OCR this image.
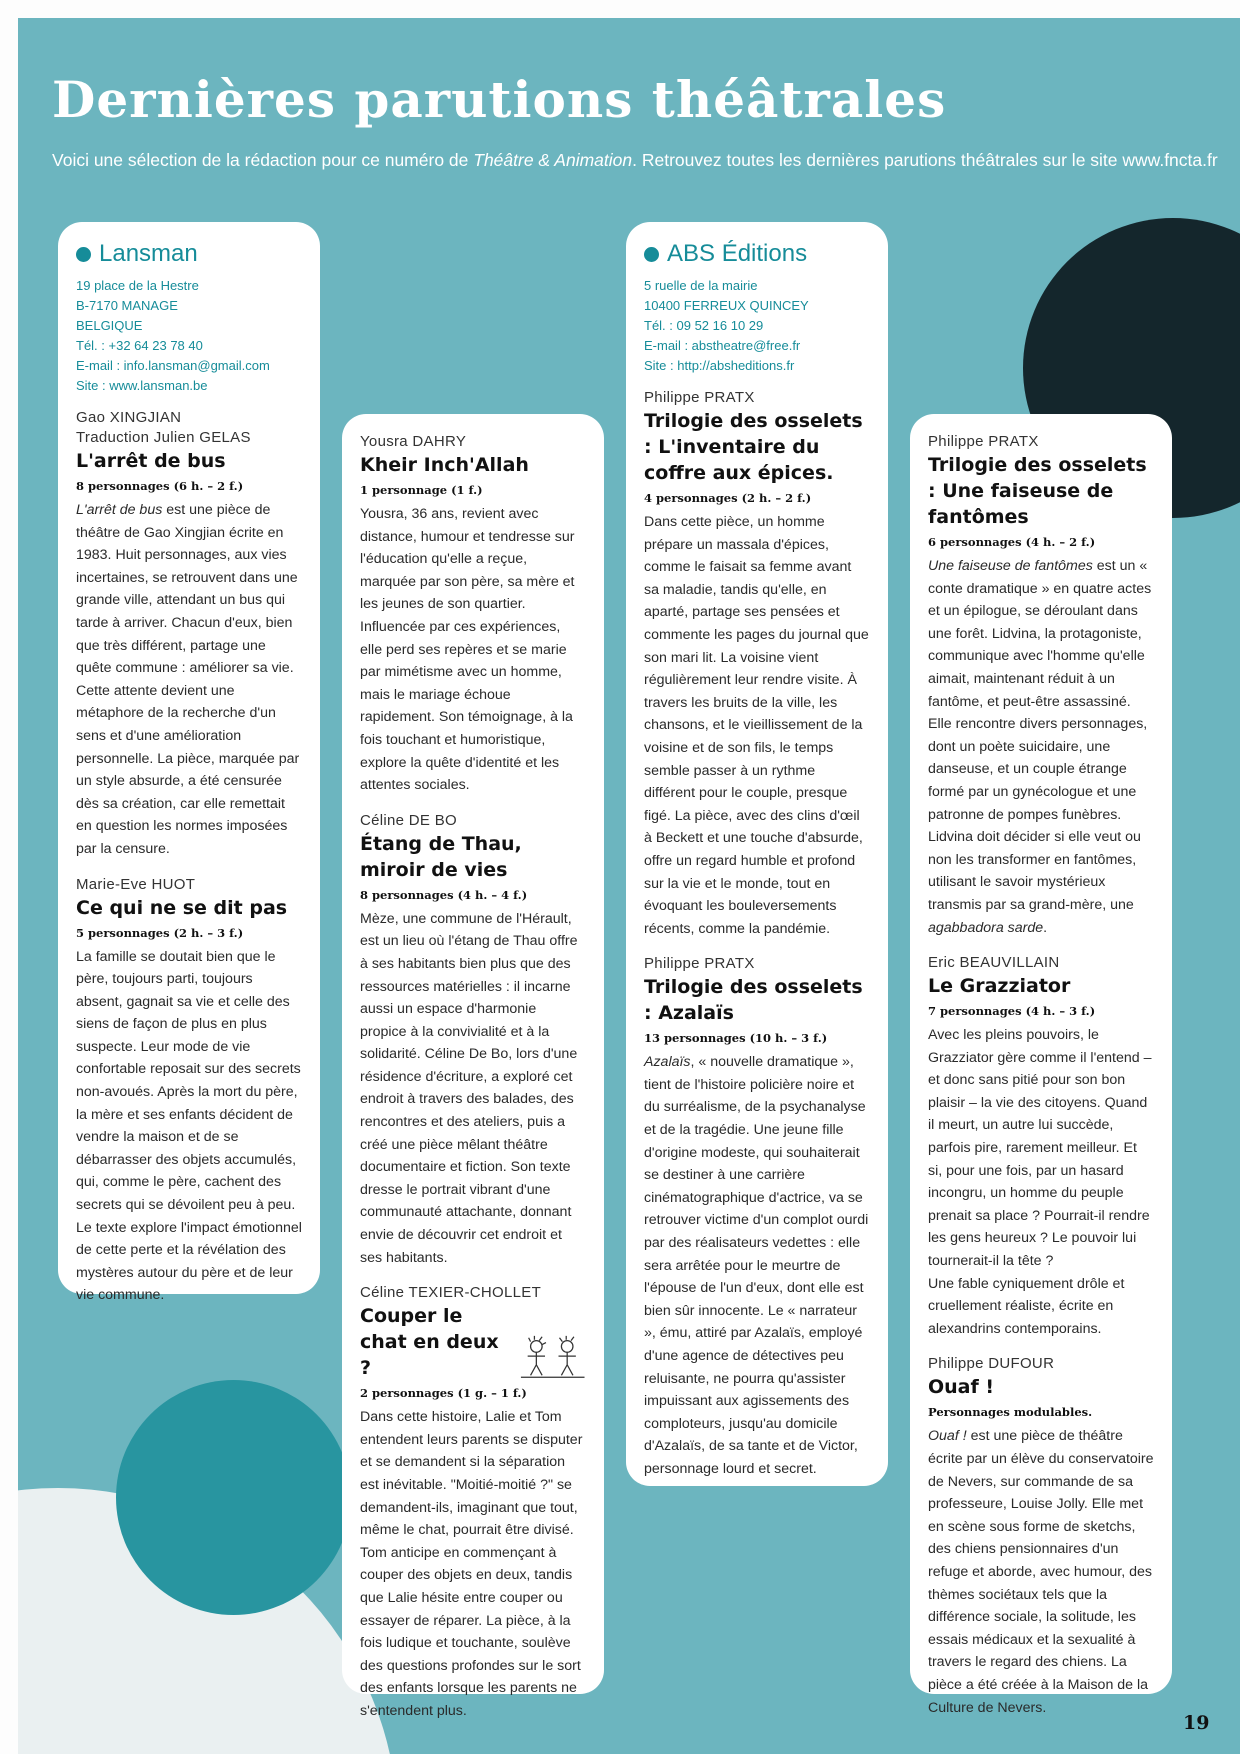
Dernières parutions théâtrales
Voici une sélection de la rédaction pour ce numéro de Théâtre & Animation. Retrouvez toutes les dernières parutions théâtrales sur le site www.fncta.fr
Lansman
19 place de la Hestre
B-7170 MANAGE
BELGIQUE
Tél. : +32 64 23 78 40
E-mail : info.lansman@gmail.com
Site : www.lansman.be
Gao XINGJIAN
Traduction Julien GELAS
L'arrêt de bus
8 personnages (6 h. – 2 f.)
L'arrêt de bus est une pièce de théâtre de Gao Xingjian écrite en 1983. Huit personnages, aux vies incertaines, se retrouvent dans une grande ville, attendant un bus qui tarde à arriver. Chacun d'eux, bien que très différent, partage une quête commune : améliorer sa vie. Cette attente devient une métaphore de la recherche d'un sens et d'une amélioration personnelle. La pièce, marquée par un style absurde, a été censurée dès sa création, car elle remettait en question les normes imposées par la censure.
Marie-Eve HUOT
Ce qui ne se dit pas
5 personnages (2 h. – 3 f.)
La famille se doutait bien que le père, toujours parti, toujours absent, gagnait sa vie et celle des siens de façon de plus en plus suspecte. Leur mode de vie confortable reposait sur des secrets non-avoués. Après la mort du père, la mère et ses enfants décident de vendre la maison et de se débarrasser des objets accumulés, qui, comme le père, cachent des secrets qui se dévoilent peu à peu. Le texte explore l'impact émotionnel de cette perte et la révélation des mystères autour du père et de leur vie commune.
Yousra DAHRY
Kheir Inch'Allah
1 personnage (1 f.)
Yousra, 36 ans, revient avec distance, humour et tendresse sur l'éducation qu'elle a reçue, marquée par son père, sa mère et les jeunes de son quartier. Influencée par ces expériences, elle perd ses repères et se marie par mimétisme avec un homme, mais le mariage échoue rapidement. Son témoignage, à la fois touchant et humoristique, explore la quête d'identité et les attentes sociales.
Céline DE BO
Étang de Thau, miroir de vies
8 personnages (4 h. – 4 f.)
Mèze, une commune de l'Hérault, est un lieu où l'étang de Thau offre à ses habitants bien plus que des ressources matérielles : il incarne aussi un espace d'harmonie propice à la convivialité et à la solidarité. Céline De Bo, lors d'une résidence d'écriture, a exploré cet endroit à travers des balades, des rencontres et des ateliers, puis a créé une pièce mêlant théâtre documentaire et fiction. Son texte dresse le portrait vibrant d'une communauté attachante, donnant envie de découvrir cet endroit et ses habitants.
Céline TEXIER-CHOLLET
Couper le chat en deux ?
2 personnages (1 g. – 1 f.)
Dans cette histoire, Lalie et Tom entendent leurs parents se disputer et se demandent si la séparation est inévitable. "Moitié-moitié ?" se demandent-ils, imaginant que tout, même le chat, pourrait être divisé. Tom anticipe en commençant à couper des objets en deux, tandis que Lalie hésite entre couper ou essayer de réparer. La pièce, à la fois ludique et touchante, soulève des questions profondes sur le sort des enfants lorsque les parents ne s'entendent plus.
ABS Éditions
5 ruelle de la mairie
10400 FERREUX QUINCEY
Tél. : 09 52 16 10 29
E-mail : abstheatre@free.fr
Site : http://absheditions.fr
Philippe PRATX
Trilogie des osselets : L'inventaire du coffre aux épices.
4 personnages (2 h. – 2 f.)
Dans cette pièce, un homme prépare un massala d'épices, comme le faisait sa femme avant sa maladie, tandis qu'elle, en aparté, partage ses pensées et commente les pages du journal que son mari lit. La voisine vient régulièrement leur rendre visite. À travers les bruits de la ville, les chansons, et le vieillissement de la voisine et de son fils, le temps semble passer à un rythme différent pour le couple, presque figé. La pièce, avec des clins d'œil à Beckett et une touche d'absurde, offre un regard humble et profond sur la vie et le monde, tout en évoquant les bouleversements récents, comme la pandémie.
Philippe PRATX
Trilogie des osselets : Azalaïs
13 personnages (10 h. – 3 f.)
Azalaïs, « nouvelle dramatique », tient de l'histoire policière noire et du surréalisme, de la psychanalyse et de la tragédie. Une jeune fille d'origine modeste, qui souhaiterait se destiner à une carrière cinématographique d'actrice, va se retrouver victime d'un complot ourdi par des réalisateurs vedettes : elle sera arrêtée pour le meurtre de l'épouse de l'un d'eux, dont elle est bien sûr innocente. Le « narrateur », ému, attiré par Azalaïs, employé d'une agence de détectives peu reluisante, ne pourra qu'assister impuissant aux agissements des comploteurs, jusqu'au domicile d'Azalaïs, de sa tante et de Victor, personnage lourd et secret.
Philippe PRATX
Trilogie des osselets : Une faiseuse de fantômes
6 personnages (4 h. – 2 f.)
Une faiseuse de fantômes est un « conte dramatique » en quatre actes et un épilogue, se déroulant dans une forêt. Lidvina, la protagoniste, communique avec l'homme qu'elle aimait, maintenant réduit à un fantôme, et peut-être assassiné. Elle rencontre divers personnages, dont un poète suicidaire, une danseuse, et un couple étrange formé par un gynécologue et une patronne de pompes funèbres. Lidvina doit décider si elle veut ou non les transformer en fantômes, utilisant le savoir mystérieux transmis par sa grand-mère, une agabbadora sarde.
Eric BEAUVILLAIN
Le Grazziator
7 personnages (4 h. – 3 f.)
Avec les pleins pouvoirs, le Grazziator gère comme il l'entend – et donc sans pitié pour son bon plaisir – la vie des citoyens. Quand il meurt, un autre lui succède, parfois pire, rarement meilleur. Et si, pour une fois, par un hasard incongru, un homme du peuple prenait sa place ? Pourrait-il rendre les gens heureux ? Le pouvoir lui tournerait-il la tête ?
Une fable cyniquement drôle et cruellement réaliste, écrite en alexandrins contemporains.
Philippe DUFOUR
Ouaf !
Personnages modulables.
Ouaf ! est une pièce de théâtre écrite par un élève du conservatoire de Nevers, sur commande de sa professeure, Louise Jolly. Elle met en scène sous forme de sketchs, des chiens pensionnaires d'un refuge et aborde, avec humour, des thèmes sociétaux tels que la différence sociale, la solitude, les essais médicaux et la sexualité à travers le regard des chiens. La pièce a été créée à la Maison de la Culture de Nevers.
19
